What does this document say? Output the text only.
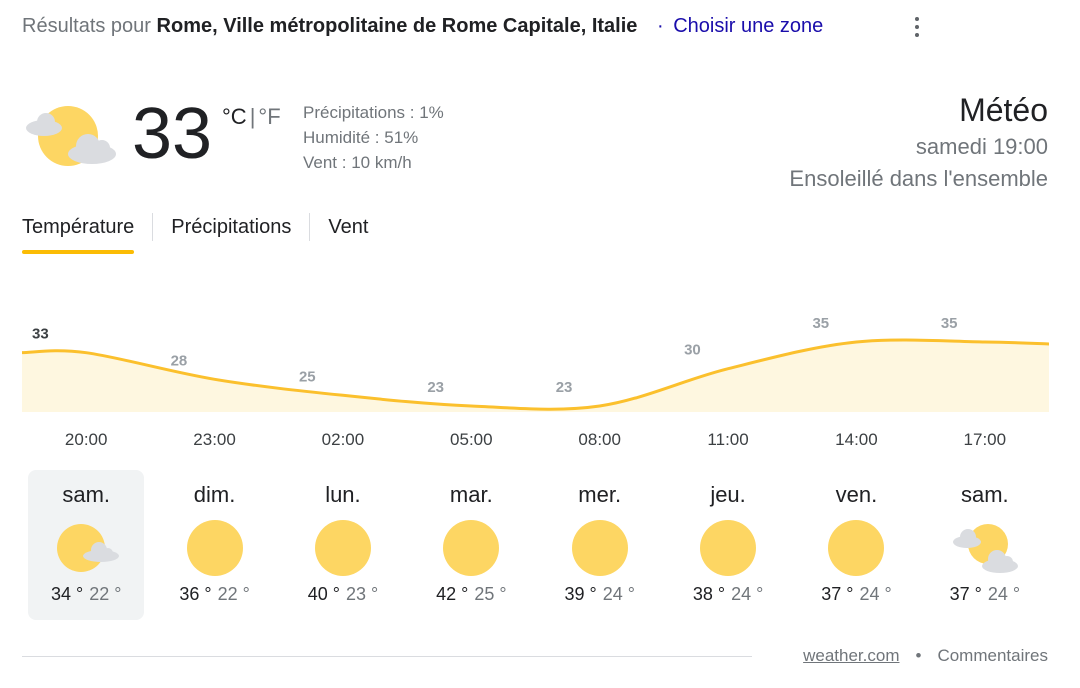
Résultats pour Rome, Ville métropolitaine de Rome Capitale, Italie · Choisir une zone
33 °C | °F Précipitations : 1%
Humidité : 51%
Vent : 10 km/h
Météo
samedi 19:00
Ensoleillé dans l'ensemble
Température Précipitations Vent
33
28
25
23	23
30
35	35
20:00	23:00	02:00	05:00	08:00	11:00	14:00	17:00
sam.
34 ° 22 °
dim.
36 ° 22 °
lun.
40 ° 23 °
mar.
42 ° 25 °
mer.
39 ° 24 °
jeu.
38 ° 24 °
ven.
37 ° 24 °
sam.
37 ° 24 °
weather.com • Commentaires
